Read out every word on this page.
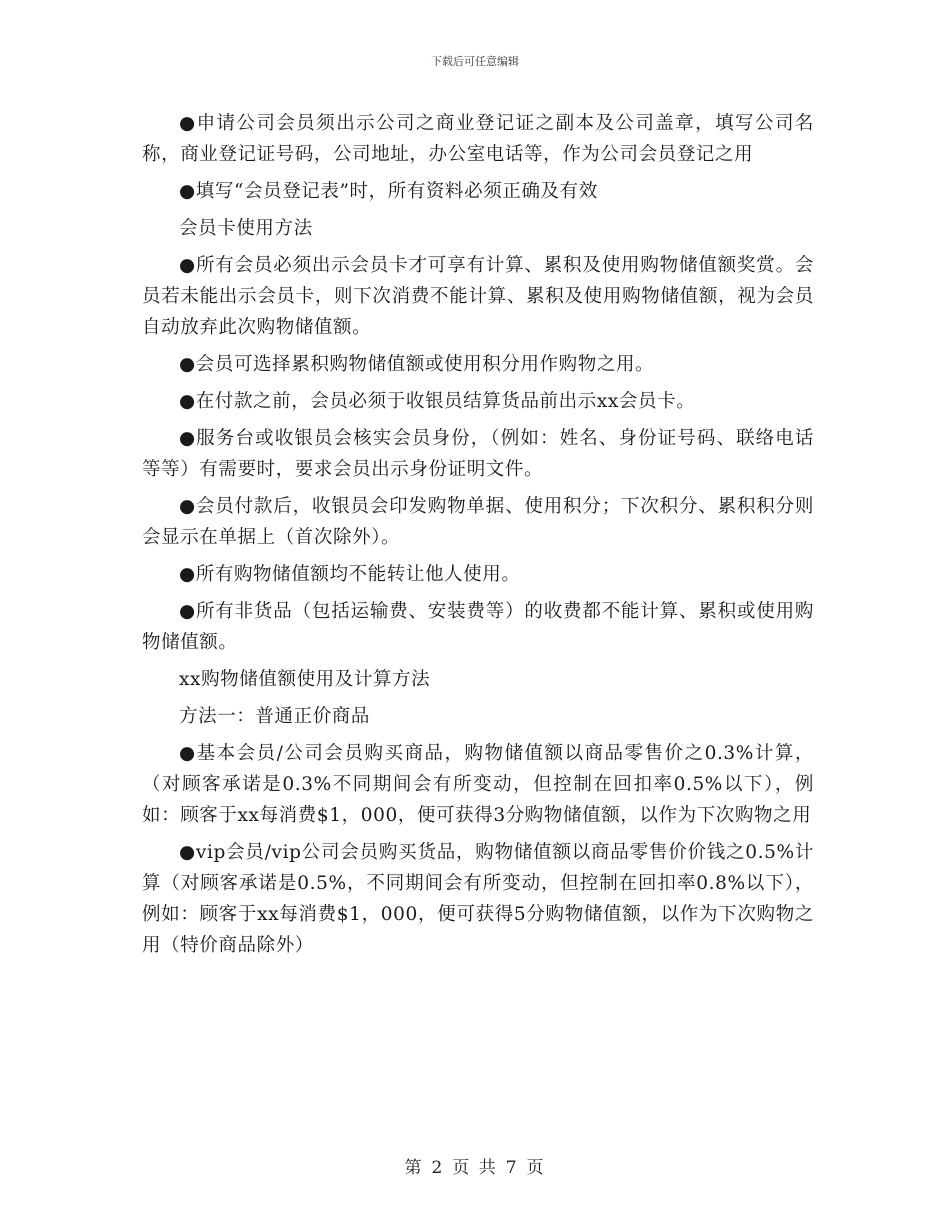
下载后可任意编辑

●申请公司会员须出示公司之商业登记证之副本及公司盖章，填写公司名称，商业登记证号码，公司地址，办公室电话等，作为公司会员登记之用

●填写“会员登记表”时，所有资料必须正确及有效

会员卡使用方法

●所有会员必须出示会员卡才可享有计算、累积及使用购物储值额奖赏。会员若未能出示会员卡，则下次消费不能计算、累积及使用购物储值额，视为会员自动放弃此次购物储值额。

●会员可选择累积购物储值额或使用积分用作购物之用。

●在付款之前，会员必须于收银员结算货品前出示xx会员卡。

●服务台或收银员会核实会员身份，（例如：姓名、身份证号码、联络电话等等）有需要时，要求会员出示身份证明文件。

●会员付款后，收银员会印发购物单据、使用积分；下次积分、累积积分则会显示在单据上（首次除外）。

●所有购物储值额均不能转让他人使用。

●所有非货品（包括运输费、安装费等）的收费都不能计算、累积或使用购物储值额。

xx购物储值额使用及计算方法

方法一：普通正价商品

●基本会员/公司会员购买商品，购物储值额以商品零售价之0.3%计算，（对顾客承诺是0.3%不同期间会有所变动，但控制在回扣率0.5%以下），例如：顾客于xx每消费$1，000，便可获得3分购物储值额，以作为下次购物之用

●vip会员/vip公司会员购买货品，购物储值额以商品零售价价钱之0.5%计算（对顾客承诺是0.5%，不同期间会有所变动，但控制在回扣率0.8%以下），例如：顾客于xx每消费$1，000，便可获得5分购物储值额，以作为下次购物之用（特价商品除外）

第 2 页 共 7 页
